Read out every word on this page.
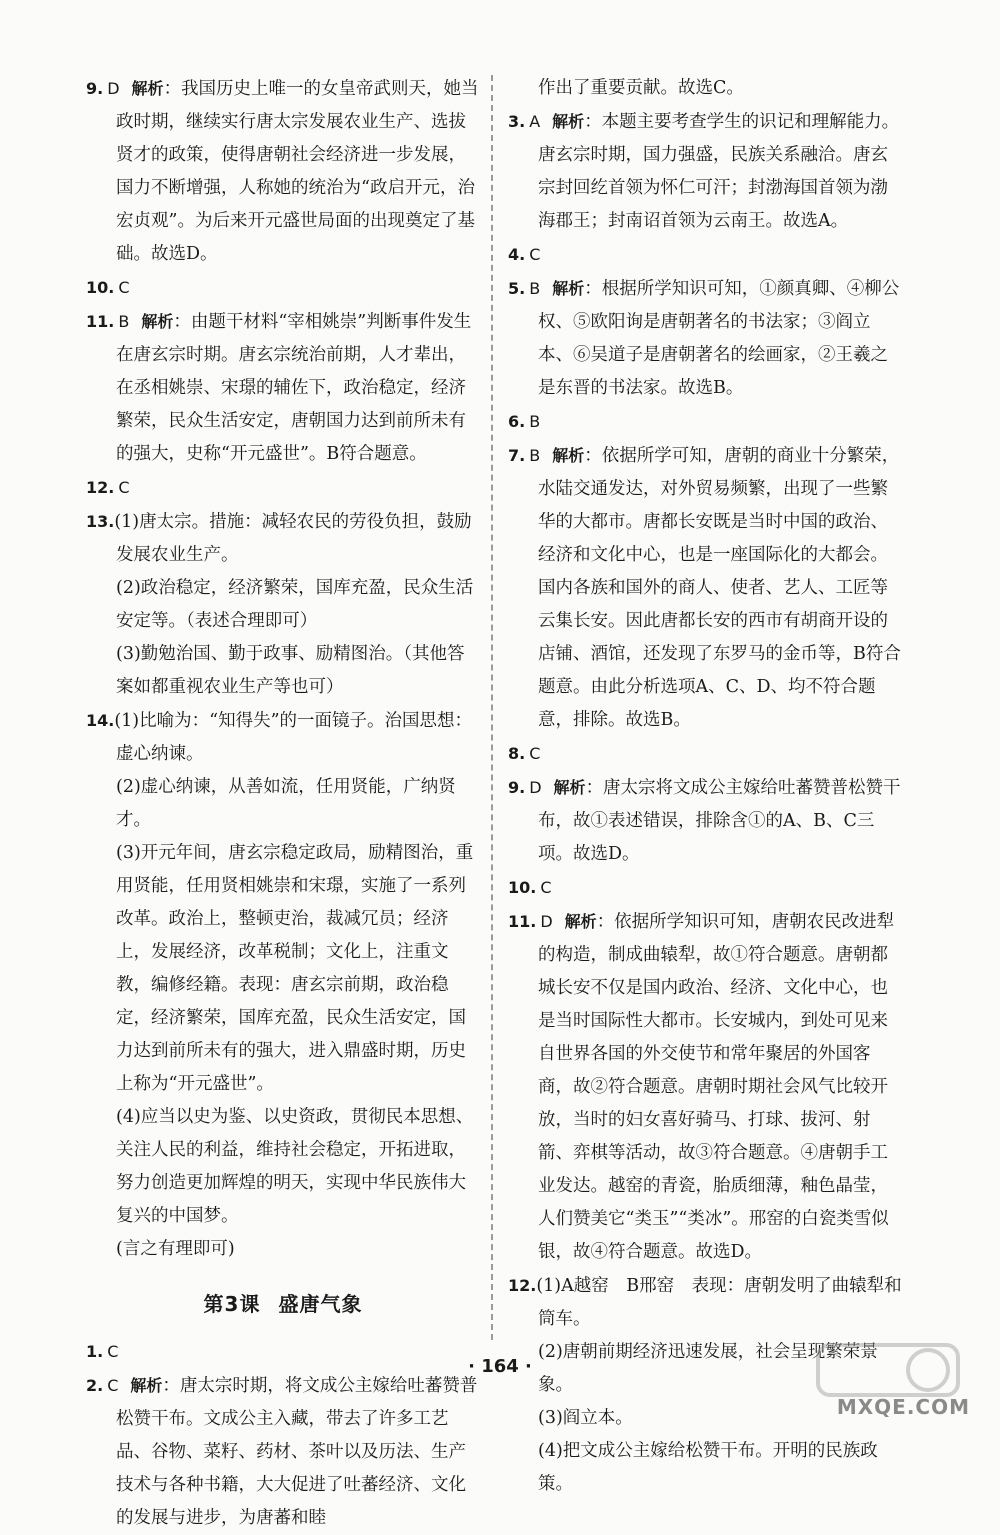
9. D 解析：我国历史上唯一的女皇帝武则天，她当政时期，继续实行唐太宗发展农业生产、选拔贤才的政策，使得唐朝社会经济进一步发展，国力不断增强，人称她的统治为“政启开元，治宏贞观”。为后来开元盛世局面的出现奠定了基础。故选D。

10. C

11. B 解析：由题干材料“宰相姚崇”判断事件发生在唐玄宗时期。唐玄宗统治前期，人才辈出，在丞相姚崇、宋璟的辅佐下，政治稳定，经济繁荣，民众生活安定，唐朝国力达到前所未有的强大，史称“开元盛世”。B符合题意。

12. C

13.(1)唐太宗。措施：减轻农民的劳役负担，鼓励发展农业生产。

(2)政治稳定，经济繁荣，国库充盈，民众生活安定等。（表述合理即可）

(3)勤勉治国、勤于政事、励精图治。（其他答案如都重视农业生产等也可）

14.(1)比喻为：“知得失”的一面镜子。治国思想：虚心纳谏。

(2)虚心纳谏，从善如流，任用贤能，广纳贤才。

(3)开元年间，唐玄宗稳定政局，励精图治，重用贤能，任用贤相姚崇和宋璟，实施了一系列改革。政治上，整顿吏治，裁减冗员；经济上，发展经济，改革税制；文化上，注重文教，编修经籍。表现：唐玄宗前期，政治稳定，经济繁荣，国库充盈，民众生活安定，国力达到前所未有的强大，进入鼎盛时期，历史上称为“开元盛世”。

(4)应当以史为鉴、以史资政，贯彻民本思想、关注人民的利益，维持社会稳定，开拓进取，努力创造更加辉煌的明天，实现中华民族伟大复兴的中国梦。

(言之有理即可)

第3课 盛唐气象

1. C

2. C 解析：唐太宗时期，将文成公主嫁给吐蕃赞普松赞干布。文成公主入藏，带去了许多工艺品、谷物、菜籽、药材、茶叶以及历法、生产技术与各种书籍，大大促进了吐蕃经济、文化的发展与进步，为唐蕃和睦

作出了重要贡献。故选C。

3. A 解析：本题主要考查学生的识记和理解能力。唐玄宗时期，国力强盛，民族关系融洽。唐玄宗封回纥首领为怀仁可汗；封渤海国首领为渤海郡王；封南诏首领为云南王。故选A。

4. C

5. B 解析：根据所学知识可知，①颜真卿、④柳公权、⑤欧阳询是唐朝著名的书法家；③阎立本、⑥吴道子是唐朝著名的绘画家，②王羲之是东晋的书法家。故选B。

6. B

7. B 解析：依据所学可知，唐朝的商业十分繁荣，水陆交通发达，对外贸易频繁，出现了一些繁华的大都市。唐都长安既是当时中国的政治、经济和文化中心，也是一座国际化的大都会。国内各族和国外的商人、使者、艺人、工匠等云集长安。因此唐都长安的西市有胡商开设的店铺、酒馆，还发现了东罗马的金币等，B符合题意。由此分析选项A、C、D、均不符合题意，排除。故选B。

8. C

9. D 解析：唐太宗将文成公主嫁给吐蕃赞普松赞干布，故①表述错误，排除含①的A、B、C三项。故选D。

10. C

11. D 解析：依据所学知识可知，唐朝农民改进犁的构造，制成曲辕犁，故①符合题意。唐朝都城长安不仅是国内政治、经济、文化中心，也是当时国际性大都市。长安城内，到处可见来自世界各国的外交使节和常年聚居的外国客商，故②符合题意。唐朝时期社会风气比较开放，当时的妇女喜好骑马、打球、拔河、射箭、弈棋等活动，故③符合题意。④唐朝手工业发达。越窑的青瓷，胎质细薄，釉色晶莹，人们赞美它“类玉”“类冰”。邢窑的白瓷类雪似银，故④符合题意。故选D。

12.(1)A越窑　B邢窑　表现：唐朝发明了曲辕犁和筒车。

(2)唐朝前期经济迅速发展，社会呈现繁荣景象。

(3)阎立本。

(4)把文成公主嫁给松赞干布。开明的民族政策。

· 164 ·
MXQE.COM
